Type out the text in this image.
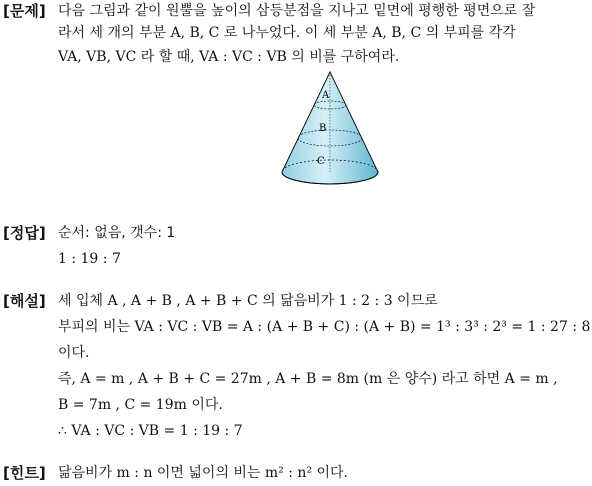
[문제] 다음 그림과 같이 원뿔을 높이의 삼등분점을 지나고 밑면에 평행한 평면으로 잘
라서 세 개의 부분 A, B, C 로 나누었다. 이 세 부분 A, B, C 의 부피를 각각
VA, VB, VC 라 할 때, VA : VC : VB 의 비를 구하여라.
A
B
C
[정답] 순서: 없음, 갯수: 1
1 : 19 : 7
[해설] 세 입체 A , A + B , A + B + C 의 닮음비가 1 : 2 : 3 이므로
부피의 비는 VA : VC : VB = A : (A + B + C) : (A + B) = 1³ : 3³ : 2³ = 1 : 27 : 8
이다.
즉, A = m , A + B + C = 27m , A + B = 8m (m 은 양수) 라고 하면 A = m ,
B = 7m , C = 19m 이다.
∴ VA : VC : VB = 1 : 19 : 7
[힌트] 닮음비가 m : n 이면 넓이의 비는 m² : n² 이다.
